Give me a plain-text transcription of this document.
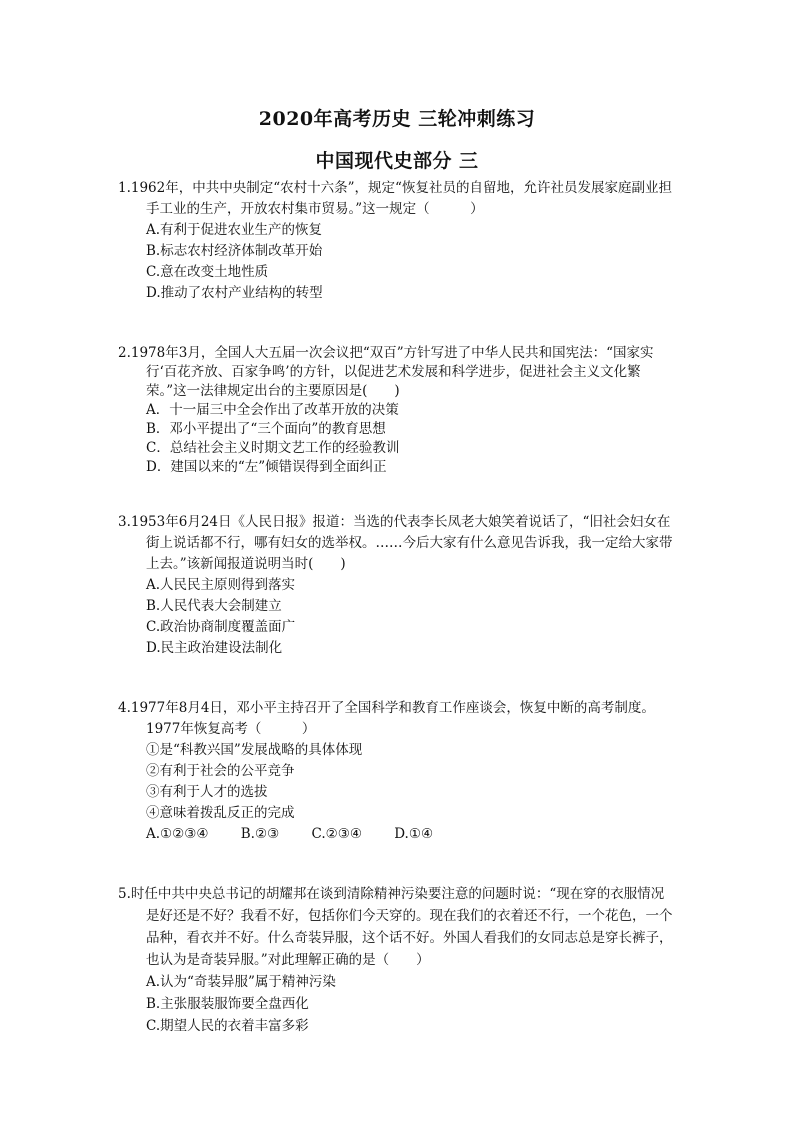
2020年高考历史 三轮冲刺练习
中国现代史部分 三
1.1962年，中共中央制定“农村十六条”，规定“恢复社员的自留地，允许社员发展家庭副业担
手工业的生产，开放农村集市贸易。”这一规定（　　　）
A.有利于促进农业生产的恢复
B.标志农村经济体制改革开始
C.意在改变土地性质
D.推动了农村产业结构的转型
2.1978年3月，全国人大五届一次会议把“双百”方针写进了中华人民共和国宪法：“国家实
行‘百花齐放、百家争鸣’的方针，以促进艺术发展和科学进步，促进社会主义文化繁
荣。”这一法律规定出台的主要原因是(　　)
A．十一届三中全会作出了改革开放的决策
B．邓小平提出了“三个面向”的教育思想
C．总结社会主义时期文艺工作的经验教训
D．建国以来的“左”倾错误得到全面纠正
3.1953年6月24日《人民日报》报道：当选的代表李长凤老大娘笑着说话了，“旧社会妇女在
街上说话都不行，哪有妇女的选举权。……今后大家有什么意见告诉我，我一定给大家带
上去。”该新闻报道说明当时(　　)
A.人民民主原则得到落实
B.人民代表大会制建立
C.政治协商制度覆盖面广
D.民主政治建设法制化
4.1977年8月4日，邓小平主持召开了全国科学和教育工作座谈会，恢复中断的高考制度。
1977年恢复高考（　　　）
①是“科教兴国”发展战略的具体体现
②有利于社会的公平竞争
③有利于人才的选拔
④意味着拨乱反正的完成
A.①②③④ B.②③ C.②③④ D.①④
5.时任中共中央总书记的胡耀邦在谈到清除精神污染要注意的问题时说：“现在穿的衣服情况
是好还是不好？我看不好，包括你们今天穿的。现在我们的衣着还不行，一个花色，一个
品种，看衣并不好。什么奇装异服，这个话不好。外国人看我们的女同志总是穿长裤子，
也认为是奇装异服。”对此理解正确的是（　　）
A.认为“奇装异服”属于精神污染
B.主张服装服饰要全盘西化
C.期望人民的衣着丰富多彩
